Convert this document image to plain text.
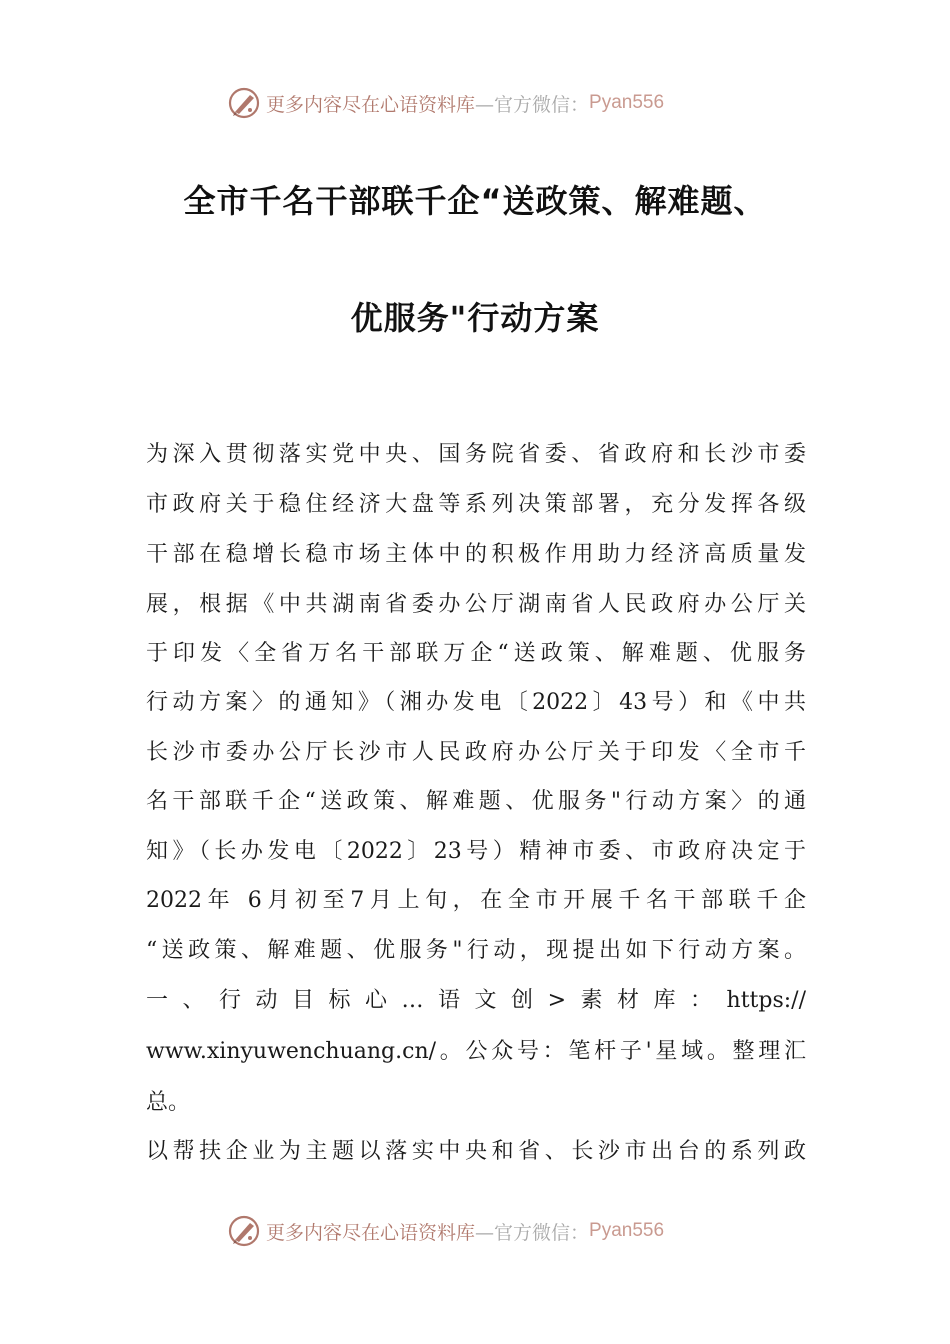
更多内容尽在心语资料库 —官方微信： Pyan556
全市千名干部联千企“送政策、解难题、
优服务"行动方案
为深入贯彻落实党中央、国务院省委、省政府和长沙市委
市政府关于稳住经济大盘等系列决策部署，充分发挥各级
干部在稳增长稳市场主体中的积极作用助力经济高质量发
展，根据《中共湖南省委办公厅湖南省人民政府办公厅关
于印发〈全省万名干部联万企“送政策、解难题、优服务
行动方案〉的通知》（湘办发电〔2022〕43号）和《中共
长沙市委办公厅长沙市人民政府办公厅关于印发〈全市千
名干部联千企“送政策、解难题、优服务"行动方案〉的通
知》（长办发电〔2022〕23号）精神市委、市政府决定于
2022年 6月初至7月上旬，在全市开展千名干部联千企
“送政策、解难题、优服务"行动，现提出如下行动方案。
一、行动目标心…语文创>素材库：https://
www.xinyuwenchuang.cn/。公众号：笔杆子'星域。整理汇
总。
以帮扶企业为主题以落实中央和省、长沙市出台的系列政
更多内容尽在心语资料库 —官方微信： Pyan556
